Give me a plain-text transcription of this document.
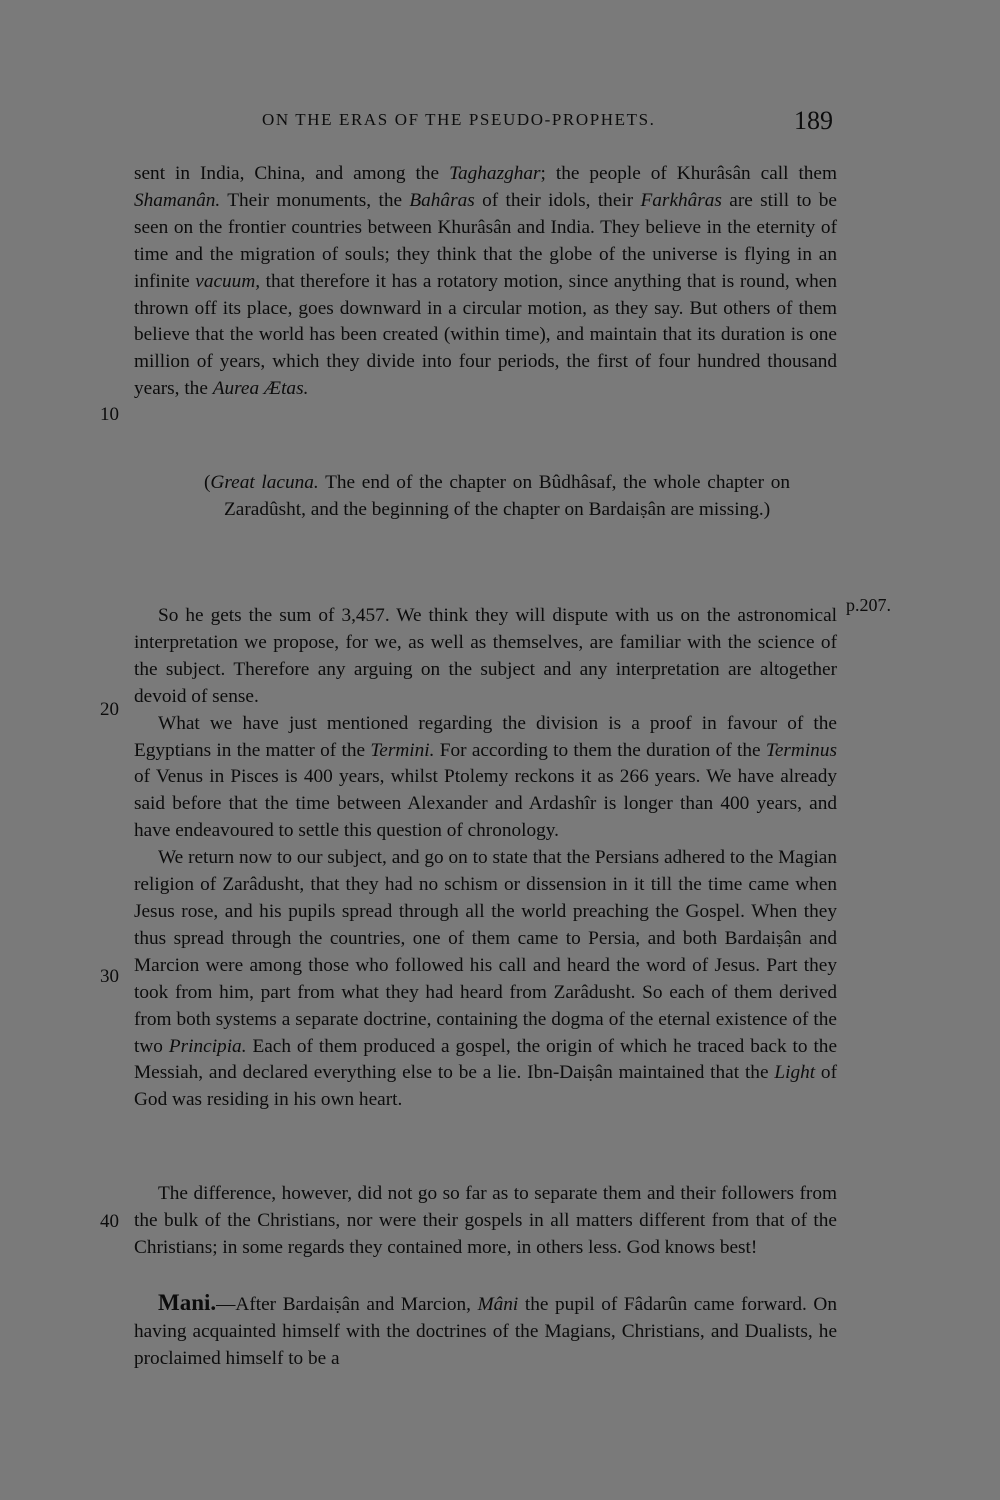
ON THE ERAS OF THE PSEUDO-PROPHETS.	189

sent in India, China, and among the Taghazghar; the people of Khurâsân call them Shamanân. Their monuments, the Bahâras of their idols, their Farkhâras are still to be seen on the frontier countries between Khurâsân and India. They believe in the eternity of time and the migration of souls; they think that the globe of the universe is flying in an infinite vacuum, that therefore it has a rotatory motion, since anything that is round, when thrown off its place, goes downward in a circular motion, as they say. But others of them believe that the world has been created (within time), and maintain that its duration is one million of years, which they divide into four periods, the first of four hundred thousand years, the Aurea Ætas.

(Great lacuna. The end of the chapter on Bûdhâsaf, the whole chapter on Zaradûsht, and the beginning of the chapter on Bardaiṣân are missing.)

So he gets the sum of 3,457. We think they will dispute with us on the astronomical interpretation we propose, for we, as well as themselves, are familiar with the science of the subject. Therefore any arguing on the subject and any interpretation are altogether devoid of sense.

What we have just mentioned regarding the division is a proof in favour of the Egyptians in the matter of the Termini. For according to them the duration of the Terminus of Venus in Pisces is 400 years, whilst Ptolemy reckons it as 266 years. We have already said before that the time between Alexander and Ardashîr is longer than 400 years, and have endeavoured to settle this question of chronology.

We return now to our subject, and go on to state that the Persians adhered to the Magian religion of Zarâdusht, that they had no schism or dissension in it till the time came when Jesus rose, and his pupils spread through all the world preaching the Gospel. When they thus spread through the countries, one of them came to Persia, and both Bardaiṣân and Marcion were among those who followed his call and heard the word of Jesus. Part they took from him, part from what they had heard from Zarâdusht. So each of them derived from both systems a separate doctrine, containing the dogma of the eternal existence of the two Principia. Each of them produced a gospel, the origin of which he traced back to the Messiah, and declared everything else to be a lie. Ibn-Daiṣân maintained that the Light of God was residing in his own heart.

The difference, however, did not go so far as to separate them and their followers from the bulk of the Christians, nor were their gospels in all matters different from that of the Christians; in some regards they contained more, in others less. God knows best!

Mani.—After Bardaiṣân and Marcion, Mâni the pupil of Fâdarûn came forward. On having acquainted himself with the doctrines of the Magians, Christians, and Dualists, he proclaimed himself to be a

10
20
30
40
p.207.
